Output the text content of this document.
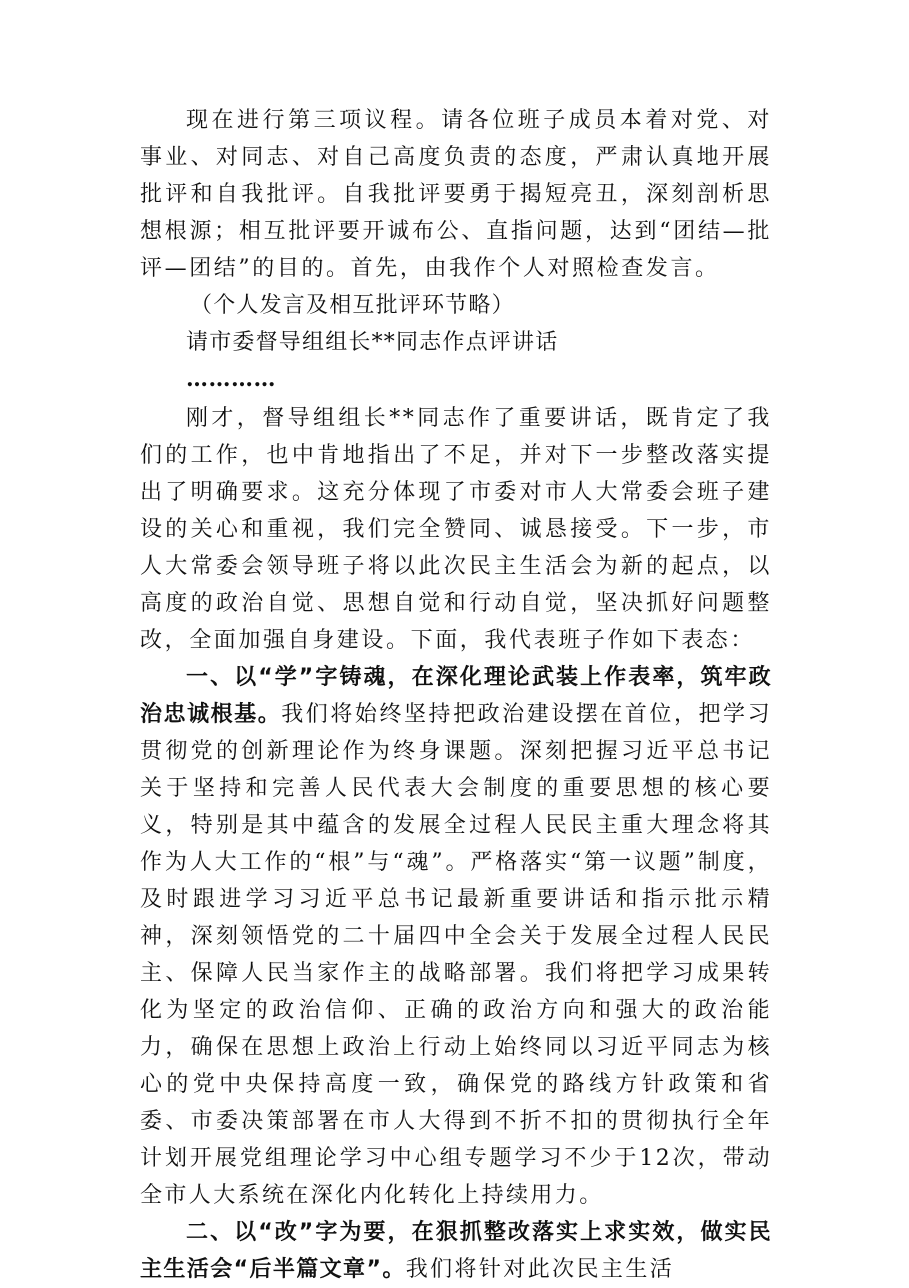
现在进行第三项议程。请各位班子成员本着对党、对事业、对同志、对自己高度负责的态度，严肃认真地开展批评和自我批评。自我批评要勇于揭短亮丑，深刻剖析思想根源；相互批评要开诚布公、直指问题，达到“团结—批评—团结”的目的。首先，由我作个人对照检查发言。

（个人发言及相互批评环节略）

请市委督导组组长**同志作点评讲话

…………

刚才，督导组组长**同志作了重要讲话，既肯定了我们的工作，也中肯地指出了不足，并对下一步整改落实提出了明确要求。这充分体现了市委对市人大常委会班子建设的关心和重视，我们完全赞同、诚恳接受。下一步，市人大常委会领导班子将以此次民主生活会为新的起点，以高度的政治自觉、思想自觉和行动自觉，坚决抓好问题整改，全面加强自身建设。下面，我代表班子作如下表态：

一、以“学”字铸魂，在深化理论武装上作表率，筑牢政治忠诚根基。我们将始终坚持把政治建设摆在首位，把学习贯彻党的创新理论作为终身课题。深刻把握习近平总书记关于坚持和完善人民代表大会制度的重要思想的核心要义，特别是其中蕴含的发展全过程人民民主重大理念将其作为人大工作的“根”与“魂”。严格落实“第一议题”制度，及时跟进学习习近平总书记最新重要讲话和指示批示精神，深刻领悟党的二十届四中全会关于发展全过程人民民主、保障人民当家作主的战略部署。我们将把学习成果转化为坚定的政治信仰、正确的政治方向和强大的政治能力，确保在思想上政治上行动上始终同以习近平同志为核心的党中央保持高度一致，确保党的路线方针政策和省委、市委决策部署在市人大得到不折不扣的贯彻执行全年计划开展党组理论学习中心组专题学习不少于12次，带动全市人大系统在深化内化转化上持续用力。

二、以“改”字为要，在狠抓整改落实上求实效，做实民主生活会“后半篇文章”。我们将针对此次民主生活
